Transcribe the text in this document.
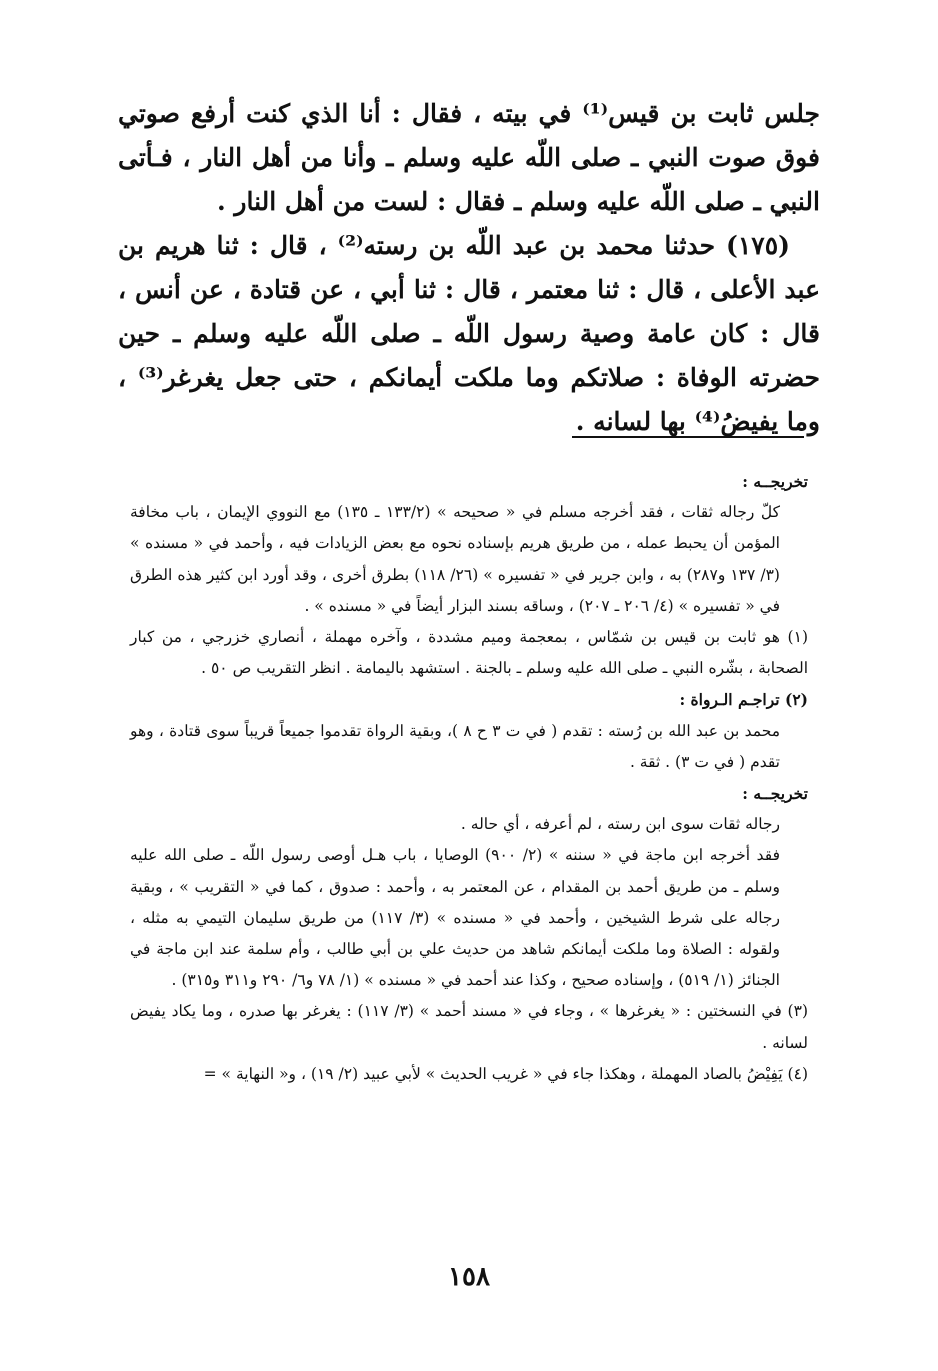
جلس ثابت بن قيس⁽¹⁾ في بيته ، فقال : أنا الذي كنت أرفع صوتي فوق صوت النبي ـ صلى اللّه عليه وسلم ـ وأنا من أهل النار ، فـأتى النبي ـ صلى اللّه عليه وسلم ـ فقال : لست من أهل النار .

(١٧٥) حدثنا محمد بن عبد اللّه بن رسته⁽²⁾ ، قال : ثنا هريم بن عبد الأعلى ، قال : ثنا معتمر ، قال : ثنا أبي ، عن قتادة ، عن أنس ، قال : كان عامة وصية رسول اللّه ـ صلى اللّه عليه وسلم ـ حين حضرته الوفاة : صلاتكم وما ملكت أيمانكم ، حتى جعل يغرغر⁽³⁾ ، وما يفيضُ⁽⁴⁾ بها لسانه .

تخريجــه :

كلّ رجاله ثقات ، فقد أخرجه مسلم في « صحيحه » (١٣٣/٢ ـ ١٣٥) مع النووي الإيمان ، باب مخافة المؤمن أن يحبط عمله ، من طريق هريم بإسناده نحوه مع بعض الزيادات فيه ، وأحمد في « مسنده » (٣/ ١٣٧ و٢٨٧) به ، وابن جرير في « تفسيره » (٢٦/ ١١٨) بطرق أخرى ، وقد أورد ابن كثير هذه الطرق في « تفسيره » (٤/ ٢٠٦ ـ ٢٠٧) ، وساقه بسند البزار أيضاً في « مسنده » .

(١) هو ثابت بن قيس بن شمّاس ، بمعجمة وميم مشددة ، وآخره مهملة ، أنصاري خزرجي ، من كبار الصحابة ، بشّره النبي ـ صلى الله عليه وسلم ـ بالجنة . استشهد باليمامة . انظر التقريب ص ٥٠ .

(٢) تراجـم الـرواة :

محمد بن عبد الله بن رُسته : تقدم ( في ت ٣ ح ٨ )، وبقية الرواة تقدموا جميعاً قريباً سوى قتادة ، وهو تقدم ( في ت ٣) . ثقة .

تخريجــه :

رجاله ثقات سوى ابن رسته ، لم أعرفه ، أي حاله .

فقد أخرجه ابن ماجة في « سننه » (٢/ ٩٠٠) الوصايا ، باب هـل أوصى رسول اللّه ـ صلى الله عليه وسلم ـ من طريق أحمد بن المقدام ، عن المعتمر به ، وأحمد : صدوق ، كما في « التقريب » ، وبقية رجاله على شرط الشيخين ، وأحمد في « مسنده » (٣/ ١١٧) من طريق سليمان التيمي به مثله ، ولقوله : الصلاة وما ملكت أيمانكم شاهد من حديث علي بن أبي طالب ، وأم سلمة عند ابن ماجة في الجنائز (١/ ٥١٩) ، وإسناده صحيح ، وكذا عند أحمد في « مسنده » (١/ ٧٨ و٦/ ٢٩٠ و٣١١ و٣١٥) .

(٣) في النسختين : « يغرغرها » ، وجاء في « مسند أحمد » (٣/ ١١٧) : يغرغر بها صدره ، وما يكاد يفيض لسانه .

(٤) يَفِيْضُ بالصاد المهملة ، وهكذا جاء في « غريب الحديث » لأبي عبيد (٢/ ١٩) ، و« النهاية » =

١٥٨
